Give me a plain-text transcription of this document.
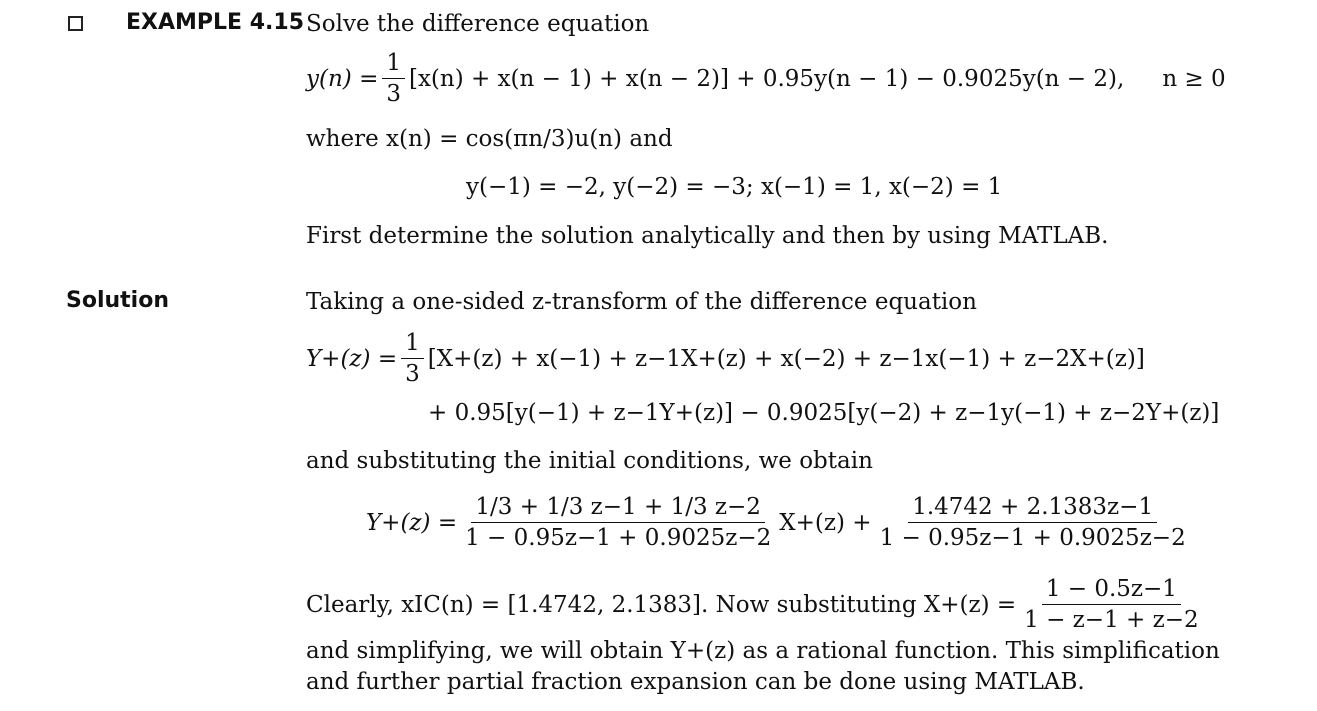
EXAMPLE 4.15 Solve the difference equation
$y(n) = \frac{1}{3} [x(n) + x(n - 1) + x(n - 2)] + 0.95y(n - 1) - 0.9025y(n - 2)$, n ≥ 0
where x(n) = cos(πn/3)u(n) and
y(−1) = −2, y(−2) = −3; x(−1) = 1, x(−2) = 1
First determine the solution analytically and then by using MATLAB.
Solution	Taking a one-sided z-transform of the difference equation
$Y+(z) = \frac{1}{3} [X+(z) + x(-1) + z-1X+(z) + x(-2) + z-1x(-1) + z-2X+(z)]$
+ 0.95[y(−1) + z−1Y+(z)] − 0.9025[y(−2) + z−1y(−1) + z−2Y+(z)]
and substituting the initial conditions, we obtain
$Y+(z) = \frac{1/3 + 1/3 z-1 + 1/3 z-2}{1 - 0.95z-1 + 0.9025z-2} X+(z) + \frac{1.4742 + 2.1383z-1}{1 - 0.95z-1 + 0.9025z-2}$
Clearly, xIC(n) = [1.4742, 2.1383]. Now substituting $X+(z) = \frac{1 - 0.5z-1}{1 - z-1 + z-2}$
and simplifying, we will obtain Y+(z) as a rational function. This simplification
and further partial fraction expansion can be done using MATLAB.
